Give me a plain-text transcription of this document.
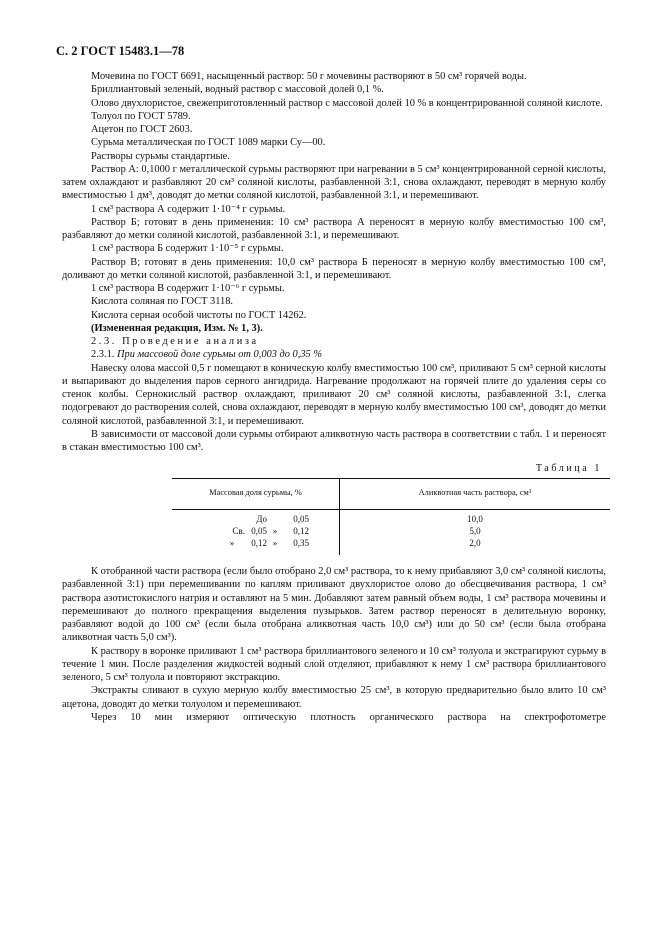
С. 2 ГОСТ 15483.1—78

Мочевина по ГОСТ 6691, насыщенный раствор: 50 г мочевины растворяют в 50 см³ горячей воды.

Бриллиантовый зеленый, водный раствор с массовой долей 0,1 %.

Олово двухлористое, свежеприготовленный раствор с массовой долей 10 % в концентрированной соляной кислоте.

Толуол по ГОСТ 5789.

Ацетон по ГОСТ 2603.

Сурьма металлическая по ГОСТ 1089 марки Су—00.

Растворы сурьмы стандартные.

Раствор А: 0,1000 г металлической сурьмы растворяют при нагревании в 5 см³ концентрированной серной кислоты, затем охлаждают и разбавляют 20 см³ соляной кислоты, разбавленной 3:1, снова охлаждают, переводят в мерную колбу вместимостью 1 дм³, доводят до метки соляной кислотой, разбавленной 3:1, и перемешивают.

1 см³ раствора А содержит 1·10⁻⁴ г сурьмы.

Раствор Б; готовят в день применения: 10 см³ раствора А переносят в мерную колбу вместимостью 100 см³, разбавляют до метки соляной кислотой, разбавленной 3:1, и перемешивают.

1 см³ раствора Б содержит 1·10⁻⁵ г сурьмы.

Раствор В; готовят в день применения: 10,0 см³ раствора Б переносят в мерную колбу вместимостью 100 см³, доливают до метки соляной кислотой, разбавленной 3:1, и перемешивают.

1 см³ раствора В содержит 1·10⁻⁶ г сурьмы.

Кислота соляная по ГОСТ 3118.

Кислота серная особой чистоты по ГОСТ 14262.

(Измененная редакция, Изм. № 1, 3).

2.3. Проведение анализа

2.3.1. При массовой доле сурьмы от 0,003 до 0,35 %

Навеску олова массой 0,5 г помещают в коническую колбу вместимостью 100 см³, приливают 5 см³ серной кислоты и выпаривают до выделения паров серного ангидрида. Нагревание продолжают на горячей плите до удаления серы со стенок колбы. Сернокислый раствор охлаждают, приливают 20 см³ соляной кислоты, разбавленной 3:1, слегка подогревают до растворения солей, снова охлаждают, переводят в мерную колбу вместимостью 100 см³, доводят до метки соляной кислотой, разбавленной 3:1, и перемешивают.

В зависимости от массовой доли сурьмы отбирают аликвотную часть раствора в соответствии с табл. 1 и переносят в стакан вместимостью 100 см³.

Таблица 1
Массовая доля сурьмы, %	Аликвотная часть раствора, см³
До 0,05	10,0
Св. 0,05 » 0,12	5,0
» 0,12 » 0,35	2,0

К отобранной части раствора (если было отобрано 2,0 см³ раствора, то к нему прибавляют 3,0 см³ соляной кислоты, разбавленной 3:1) при перемешивании по каплям приливают двухлористое олово до обесцвечивания раствора, 1 см³ раствора азотистокислого натрия и оставляют на 5 мин. Добавляют затем равный объем воды, 1 см³ раствора мочевины и перемешивают до полного прекращения выделения пузырьков. Затем раствор переносят в делительную воронку, разбавляют водой до 100 см³ (если была отобрана аликвотная часть 10,0 см³) или до 50 см³ (если была отобрана аликвотная часть 5,0 см³).

К раствору в воронке приливают 1 см³ раствора бриллиантового зеленого и 10 см³ толуола и экстрагируют сурьму в течение 1 мин. После разделения жидкостей водный слой отделяют, прибавляют к нему 1 см³ раствора бриллиантового зеленого, 5 см³ толуола и повторяют экстракцию.

Экстракты сливают в сухую мерную колбу вместимостью 25 см³, в которую предварительно было влито 10 см³ ацетона, доводят до метки толуолом и перемешивают.

Через 10 мин измеряют оптическую плотность органического раствора на спектрофотометре
